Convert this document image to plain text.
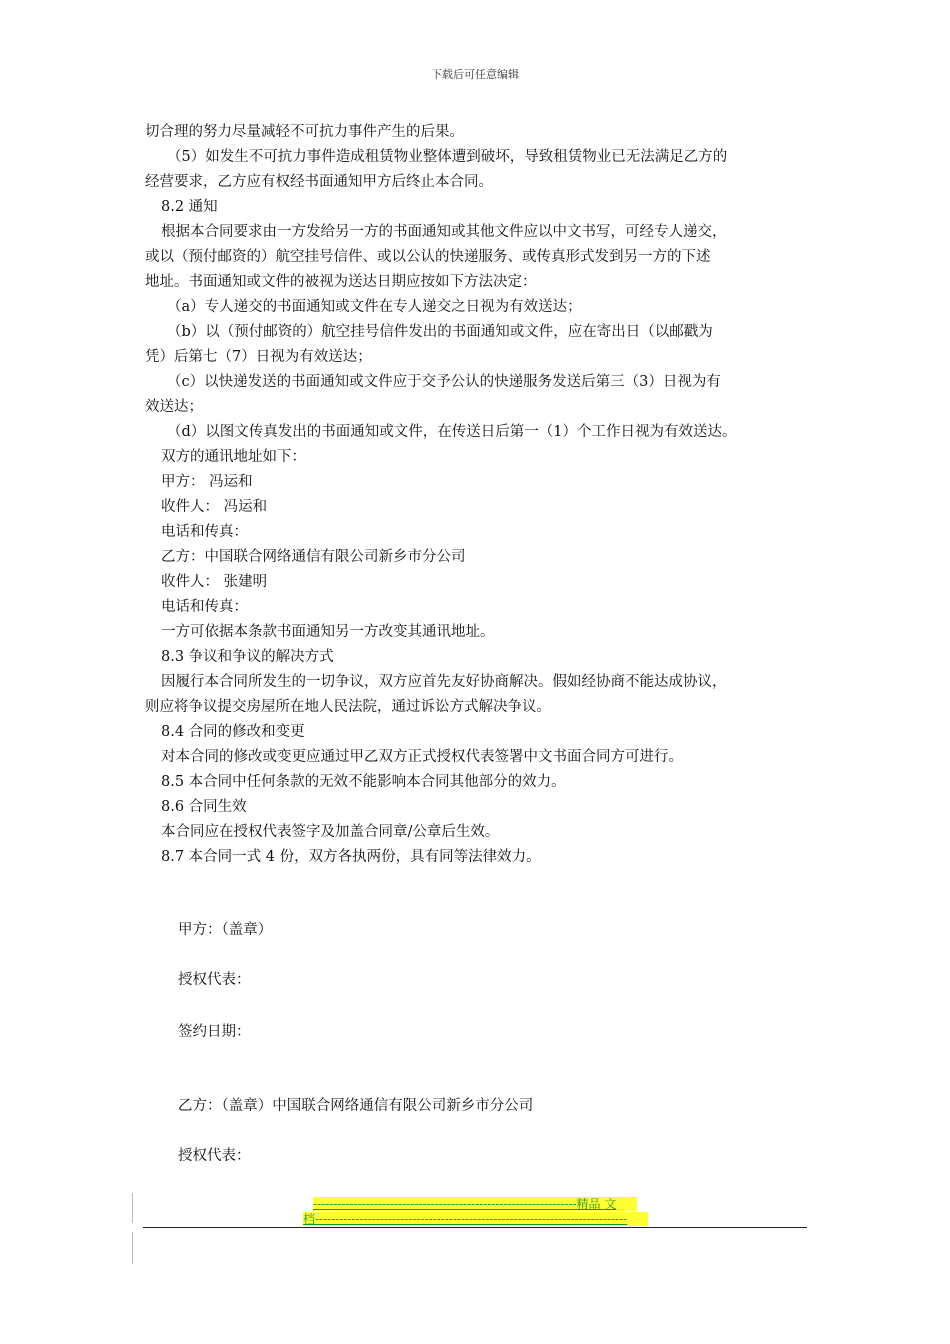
下载后可任意编辑
切合理的努力尽量减轻不可抗力事件产生的后果。
（5）如发生不可抗力事件造成租赁物业整体遭到破坏，导致租赁物业已无法满足乙方的
经营要求，乙方应有权经书面通知甲方后终止本合同。
8.2 通知
根据本合同要求由一方发给另一方的书面通知或其他文件应以中文书写，可经专人递交，
或以（预付邮资的）航空挂号信件、或以公认的快递服务、或传真形式发到另一方的下述
地址。书面通知或文件的被视为送达日期应按如下方法决定：
（a）专人递交的书面通知或文件在专人递交之日视为有效送达；
（b）以（预付邮资的）航空挂号信件发出的书面通知或文件，应在寄出日（以邮戳为
凭）后第七（7）日视为有效送达；
（c）以快递发送的书面通知或文件应于交予公认的快递服务发送后第三（3）日视为有
效送达；
（d）以图文传真发出的书面通知或文件，在传送日后第一（1）个工作日视为有效送达。
双方的通讯地址如下：
甲方： 冯运和
收件人： 冯运和
电话和传真：
乙方：中国联合网络通信有限公司新乡市分公司
收件人： 张建明
电话和传真：
一方可依据本条款书面通知另一方改变其通讯地址。
8.3 争议和争议的解决方式
因履行本合同所发生的一切争议，双方应首先友好协商解决。假如经协商不能达成协议，
则应将争议提交房屋所在地人民法院，通过诉讼方式解决争议。
8.4 合同的修改和变更
对本合同的修改或变更应通过甲乙双方正式授权代表签署中文书面合同方可进行。
8.5 本合同中任何条款的无效不能影响本合同其他部分的效力。
8.6 合同生效
本合同应在授权代表签字及加盖合同章/公章后生效。
8.7 本合同一式 4 份，双方各执两份，具有同等法律效力。
甲方：（盖章）
授权代表：
签约日期：
乙方：（盖章）中国联合网络通信有限公司新乡市分公司
授权代表：
-----------------------------------------------------------------精品 文
档-----------------------------------------------------------------------------
